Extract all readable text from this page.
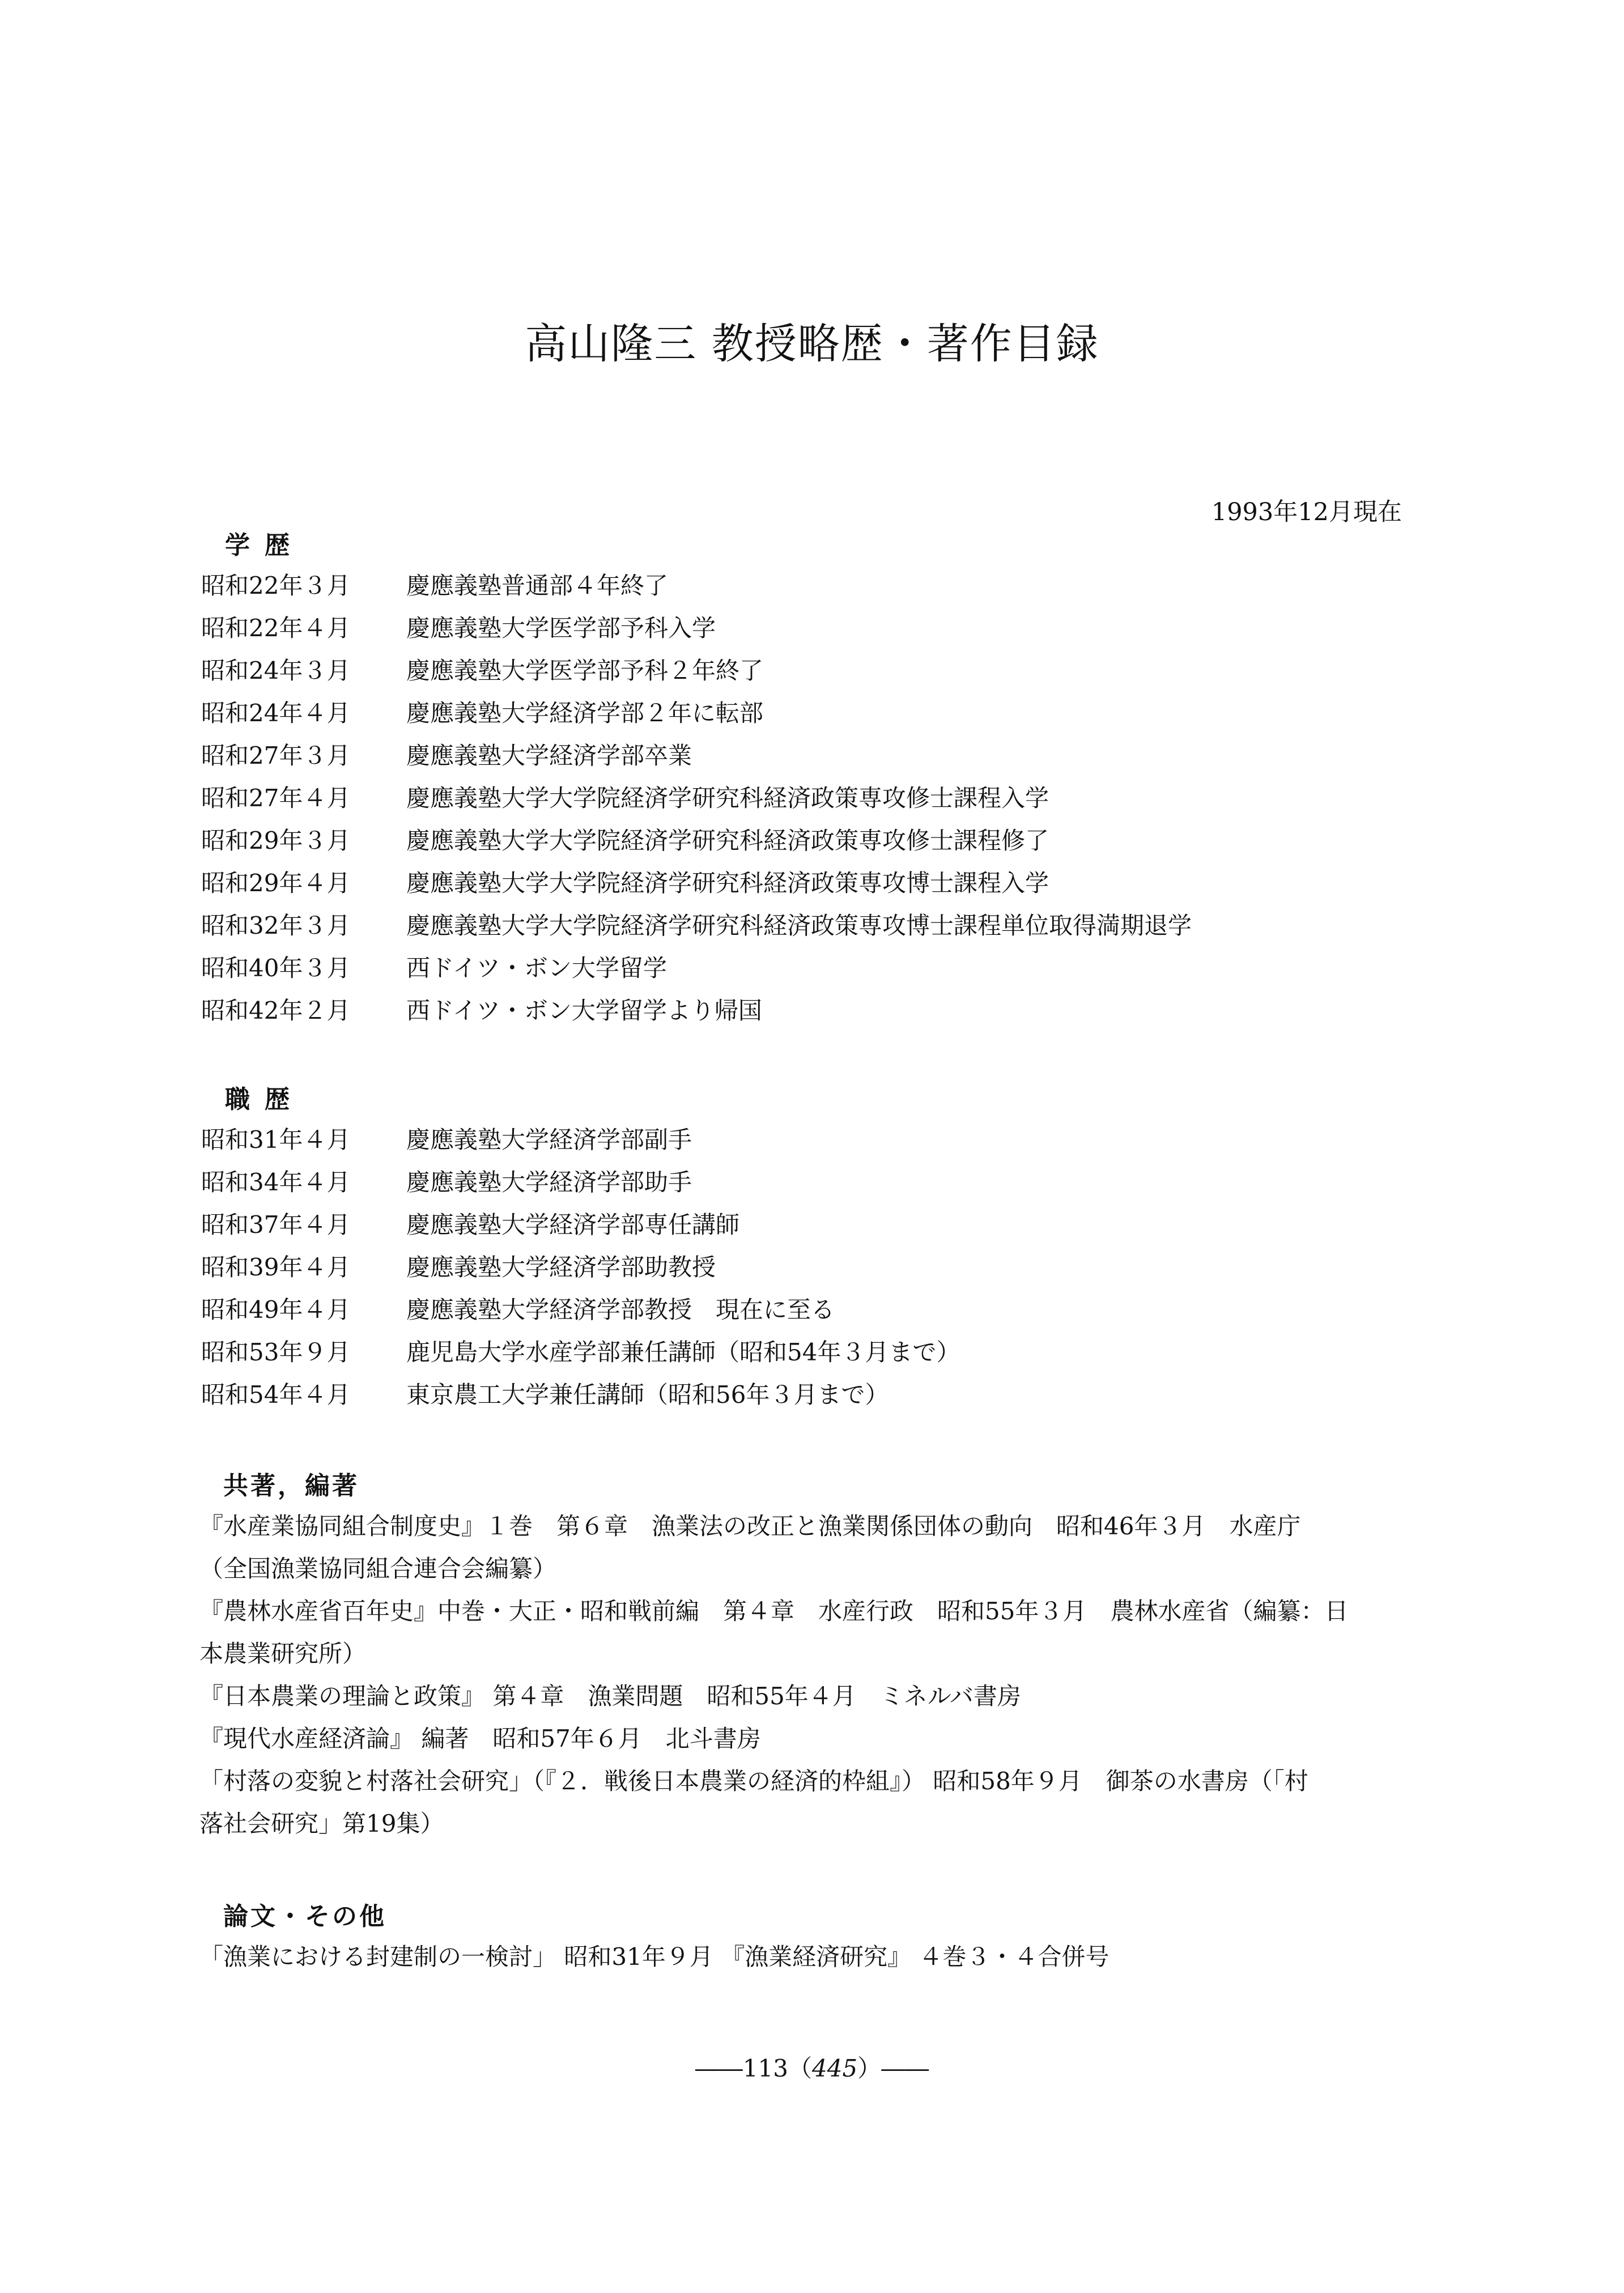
高山隆三 教授略歴・著作目録
1993年12月現在
学歴
昭和22年３月	慶應義塾普通部４年終了
昭和22年４月	慶應義塾大学医学部予科入学
昭和24年３月	慶應義塾大学医学部予科２年終了
昭和24年４月	慶應義塾大学経済学部２年に転部
昭和27年３月	慶應義塾大学経済学部卒業
昭和27年４月	慶應義塾大学大学院経済学研究科経済政策専攻修士課程入学
昭和29年３月	慶應義塾大学大学院経済学研究科経済政策専攻修士課程修了
昭和29年４月	慶應義塾大学大学院経済学研究科経済政策専攻博士課程入学
昭和32年３月	慶應義塾大学大学院経済学研究科経済政策専攻博士課程単位取得満期退学
昭和40年３月	西ドイツ・ボン大学留学
昭和42年２月	西ドイツ・ボン大学留学より帰国
職歴
昭和31年４月	慶應義塾大学経済学部副手
昭和34年４月	慶應義塾大学経済学部助手
昭和37年４月	慶應義塾大学経済学部専任講師
昭和39年４月	慶應義塾大学経済学部助教授
昭和49年４月	慶應義塾大学経済学部教授　現在に至る
昭和53年９月	鹿児島大学水産学部兼任講師（昭和54年３月まで）
昭和54年４月	東京農工大学兼任講師（昭和56年３月まで）
共著，編著
『水産業協同組合制度史』１巻　第６章　漁業法の改正と漁業関係団体の動向　昭和46年３月　水産庁
（全国漁業協同組合連合会編纂）
『農林水産省百年史』中巻・大正・昭和戦前編　第４章　水産行政　昭和55年３月　農林水産省（編纂：日
本農業研究所）
『日本農業の理論と政策』 第４章　漁業問題　昭和55年４月　ミネルバ書房
『現代水産経済論』 編著　昭和57年６月　北斗書房
「村落の変貌と村落社会研究」（『２．戦後日本農業の経済的枠組』） 昭和58年９月　御茶の水書房（「村
落社会研究」第19集）
論文・その他
「漁業における封建制の一検討」 昭和31年９月 『漁業経済研究』 ４巻３・４合併号
――113（445）――
